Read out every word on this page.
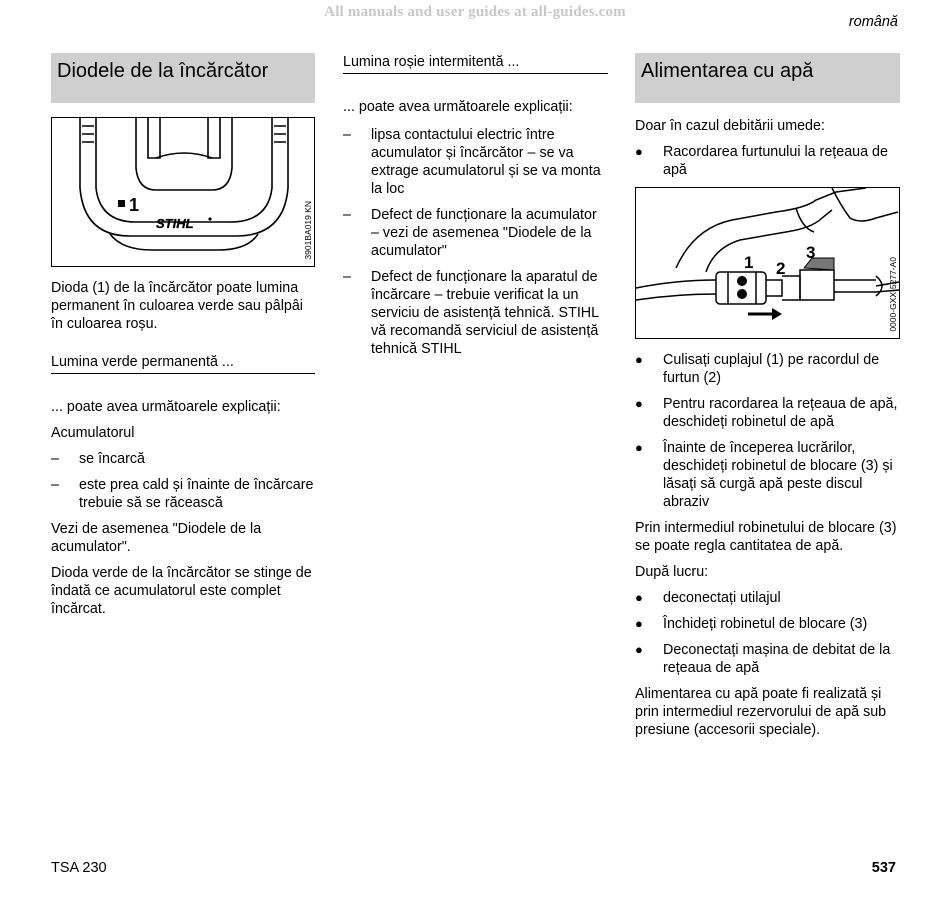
All manuals and user guides at all-guides.com
română
Diodele de la încărcător
1
STIHL	3901BA019 KN

Dioda (1) de la încărcător poate lumina permanent în culoarea verde sau pâlpâi în culoarea roșu.

Lumina verde permanentă ...

... poate avea următoarele explicații:

Acumulatorul

– se încarcă
– este prea cald și înainte de încărcare trebuie să se răcească

Vezi de asemenea "Diodele de la acumulator".

Dioda verde de la încărcător se stinge de îndată ce acumulatorul este complet încărcat.

Lumina roșie intermitentă ...

... poate avea următoarele explicații:

– lipsa contactului electric între acumulator și încărcător – se va extrage acumulatorul și se va monta la loc
– Defect de funcționare la acumulator – vezi de asemenea "Diodele de la acumulator"
– Defect de funcționare la aparatul de încărcare – trebuie verificat la un serviciu de asistență tehnică. STIHL vă recomandă serviciul de asistență tehnică STIHL
Alimentarea cu apă

Doar în cazul debitării umede:

● Racordarea furtunului la rețeaua de apă
1 2
3
0000-GXX-5277-A0
● Culisați cuplajul (1) pe racordul de furtun (2)
● Pentru racordarea la rețeaua de apă, deschideți robinetul de apă
● Înainte de începerea lucrărilor, deschideți robinetul de blocare (3) și lăsați să curgă apă peste discul abraziv

Prin intermediul robinetului de blocare (3) se poate regla cantitatea de apă.

După lucru:

● deconectați utilajul
● Închideți robinetul de blocare (3)
● Deconectați mașina de debitat de la rețeaua de apă

Alimentarea cu apă poate fi realizată și prin intermediul rezervorului de apă sub presiune (accesorii speciale).

TSA 230	537
